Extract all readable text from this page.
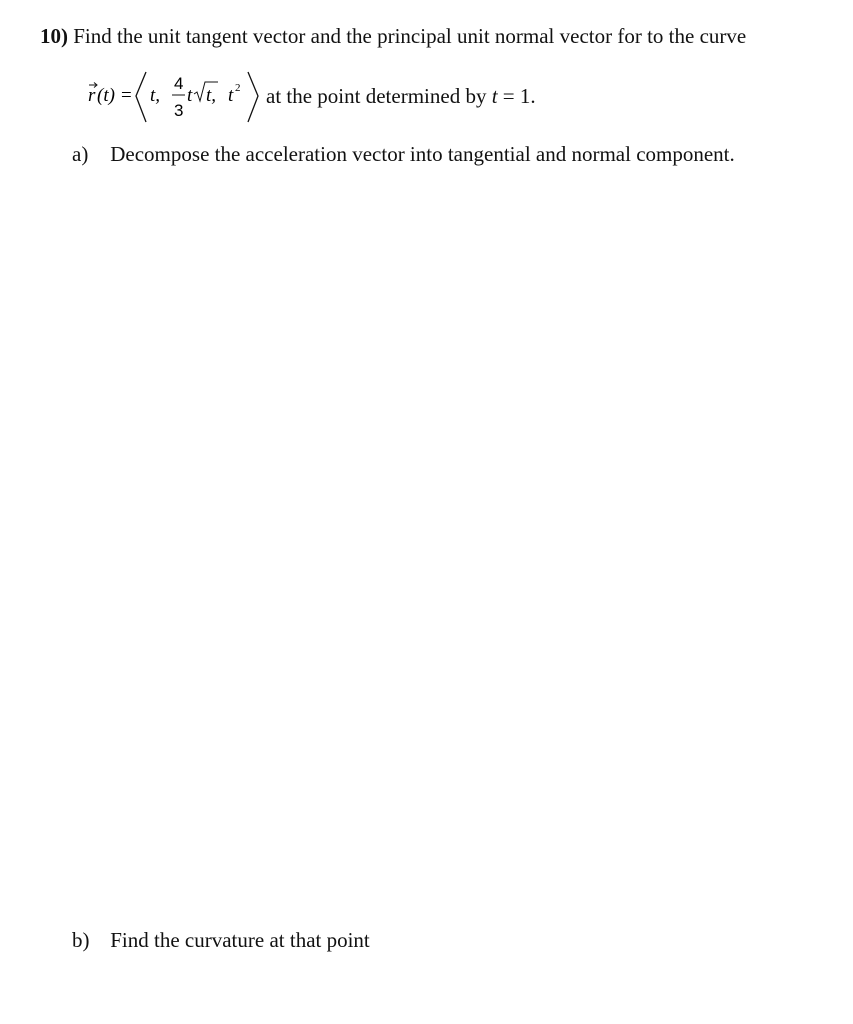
10) Find the unit tangent vector and the principal unit normal vector for to the curve
r (t) = t,
4
3
t t, t 2 at the point determined by t = 1.
a) Decompose the acceleration vector into tangential and normal component.
b) Find the curvature at that point
